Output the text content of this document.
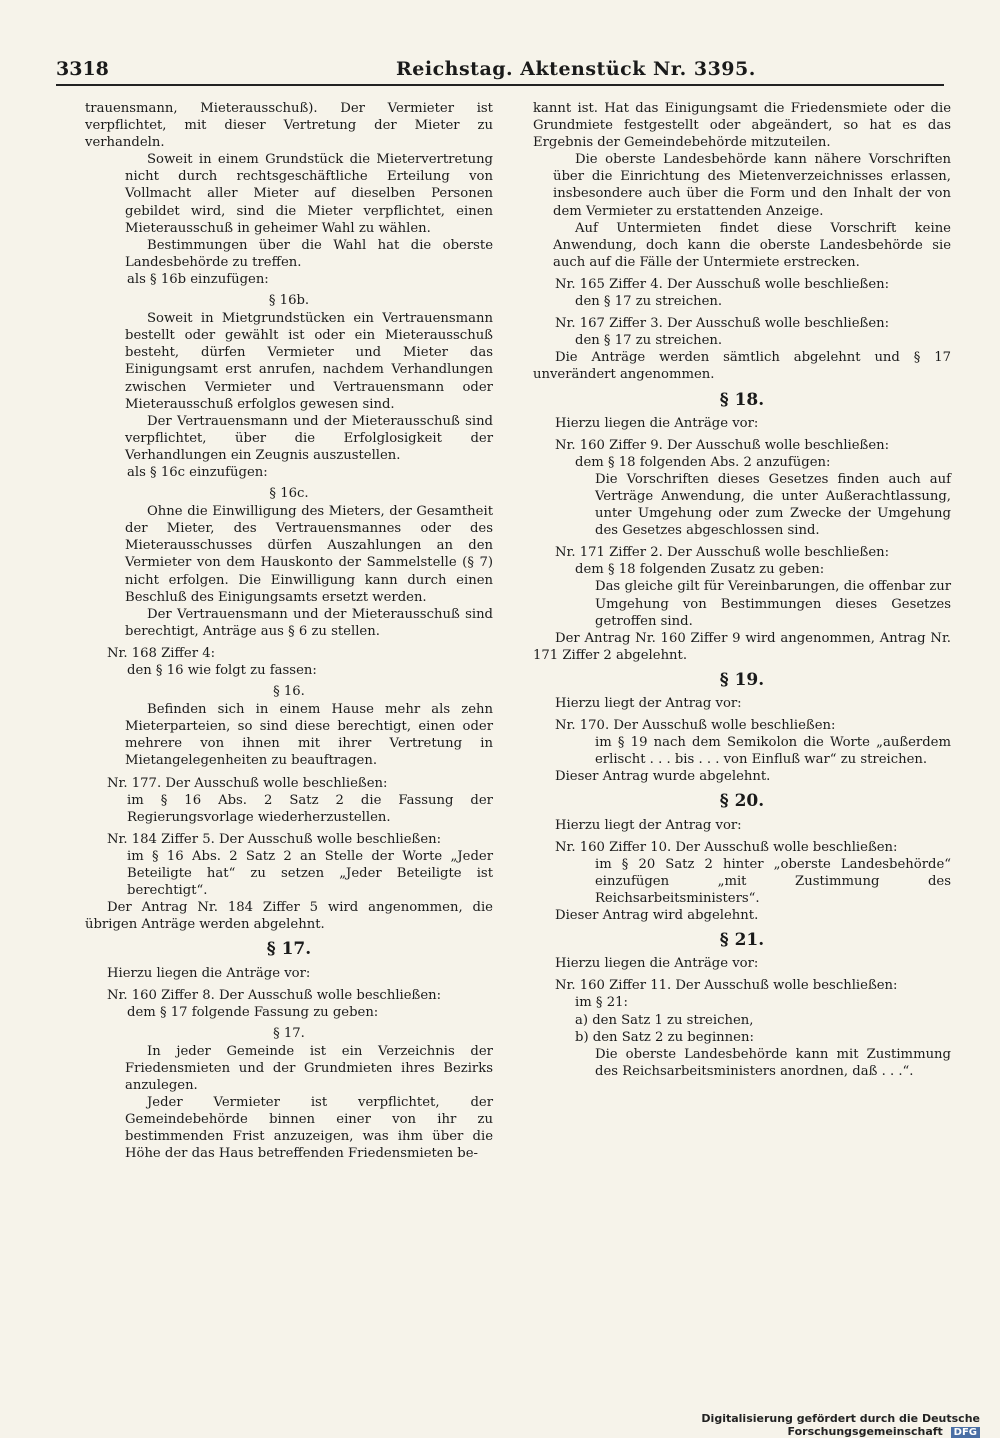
3318	Reichstag. Aktenstück Nr. 3395.
trauensmann, Mieterausschuß). Der Vermieter ist verpflichtet, mit dieser Vertretung der Mieter zu verhandeln.
Soweit in einem Grundstück die Mietervertretung nicht durch rechtsgeschäftliche Erteilung von Vollmacht aller Mieter auf dieselben Personen gebildet wird, sind die Mieter verpflichtet, einen Mieterausschuß in geheimer Wahl zu wählen.
Bestimmungen über die Wahl hat die oberste Landesbehörde zu treffen.
als § 16b einzufügen:
§ 16b.
Soweit in Mietgrundstücken ein Vertrauensmann bestellt oder gewählt ist oder ein Mieterausschuß besteht, dürfen Vermieter und Mieter das Einigungsamt erst anrufen, nachdem Verhandlungen zwischen Vermieter und Vertrauensmann oder Mieterausschuß erfolglos gewesen sind.
Der Vertrauensmann und der Mieterausschuß sind verpflichtet, über die Erfolglosigkeit der Verhandlungen ein Zeugnis auszustellen.
als § 16c einzufügen:
§ 16c.
Ohne die Einwilligung des Mieters, der Gesamtheit der Mieter, des Vertrauensmannes oder des Mieterausschusses dürfen Auszahlungen an den Vermieter von dem Hauskonto der Sammelstelle (§ 7) nicht erfolgen. Die Einwilligung kann durch einen Beschluß des Einigungsamts ersetzt werden.
Der Vertrauensmann und der Mieterausschuß sind berechtigt, Anträge aus § 6 zu stellen.
Nr. 168 Ziffer 4:
den § 16 wie folgt zu fassen:
§ 16.
Befinden sich in einem Hause mehr als zehn Mieterparteien, so sind diese berechtigt, einen oder mehrere von ihnen mit ihrer Vertretung in Mietangelegenheiten zu beauftragen.
Nr. 177. Der Ausschuß wolle beschließen:
im § 16 Abs. 2 Satz 2 die Fassung der Regierungsvorlage wiederherzustellen.
Nr. 184 Ziffer 5. Der Ausschuß wolle beschließen:
im § 16 Abs. 2 Satz 2 an Stelle der Worte „Jeder Beteiligte hat“ zu setzen „Jeder Beteiligte ist berechtigt“.
Der Antrag Nr. 184 Ziffer 5 wird angenommen, die übrigen Anträge werden abgelehnt.
§ 17.
Hierzu liegen die Anträge vor:
Nr. 160 Ziffer 8. Der Ausschuß wolle beschließen:
dem § 17 folgende Fassung zu geben:
§ 17.
In jeder Gemeinde ist ein Verzeichnis der Friedensmieten und der Grundmieten ihres Bezirks anzulegen.
Jeder Vermieter ist verpflichtet, der Gemeindebehörde binnen einer von ihr zu bestimmenden Frist anzuzeigen, was ihm über die Höhe der das Haus betreffenden Friedensmieten be-
kannt ist. Hat das Einigungsamt die Friedensmiete oder die Grundmiete festgestellt oder abgeändert, so hat es das Ergebnis der Gemeindebehörde mitzuteilen.
Die oberste Landesbehörde kann nähere Vorschriften über die Einrichtung des Mietenverzeichnisses erlassen, insbesondere auch über die Form und den Inhalt der von dem Vermieter zu erstattenden Anzeige.
Auf Untermieten findet diese Vorschrift keine Anwendung, doch kann die oberste Landesbehörde sie auch auf die Fälle der Untermiete erstrecken.
Nr. 165 Ziffer 4. Der Ausschuß wolle beschließen:
den § 17 zu streichen.
Nr. 167 Ziffer 3. Der Ausschuß wolle beschließen:
den § 17 zu streichen.
Die Anträge werden sämtlich abgelehnt und § 17 unverändert angenommen.
§ 18.
Hierzu liegen die Anträge vor:
Nr. 160 Ziffer 9. Der Ausschuß wolle beschließen:
dem § 18 folgenden Abs. 2 anzufügen:
Die Vorschriften dieses Gesetzes finden auch auf Verträge Anwendung, die unter Außerachtlassung, unter Umgehung oder zum Zwecke der Umgehung des Gesetzes abgeschlossen sind.
Nr. 171 Ziffer 2. Der Ausschuß wolle beschließen:
dem § 18 folgenden Zusatz zu geben:
Das gleiche gilt für Vereinbarungen, die offenbar zur Umgehung von Bestimmungen dieses Gesetzes getroffen sind.
Der Antrag Nr. 160 Ziffer 9 wird angenommen, Antrag Nr. 171 Ziffer 2 abgelehnt.
§ 19.
Hierzu liegt der Antrag vor:
Nr. 170. Der Ausschuß wolle beschließen:
im § 19 nach dem Semikolon die Worte „außerdem erlischt . . . bis . . . von Einfluß war“ zu streichen.
Dieser Antrag wurde abgelehnt.
§ 20.
Hierzu liegt der Antrag vor:
Nr. 160 Ziffer 10. Der Ausschuß wolle beschließen:
im § 20 Satz 2 hinter „oberste Landesbehörde“ einzufügen „mit Zustimmung des Reichsarbeitsministers“.
Dieser Antrag wird abgelehnt.
§ 21.
Hierzu liegen die Anträge vor:
Nr. 160 Ziffer 11. Der Ausschuß wolle beschließen:
im § 21:
a) den Satz 1 zu streichen,
b) den Satz 2 zu beginnen:
Die oberste Landesbehörde kann mit Zustimmung des Reichsarbeitsministers anordnen, daß . . .“.
Digitalisierung gefördert durch die Deutsche Forschungsgemeinschaft DFG
